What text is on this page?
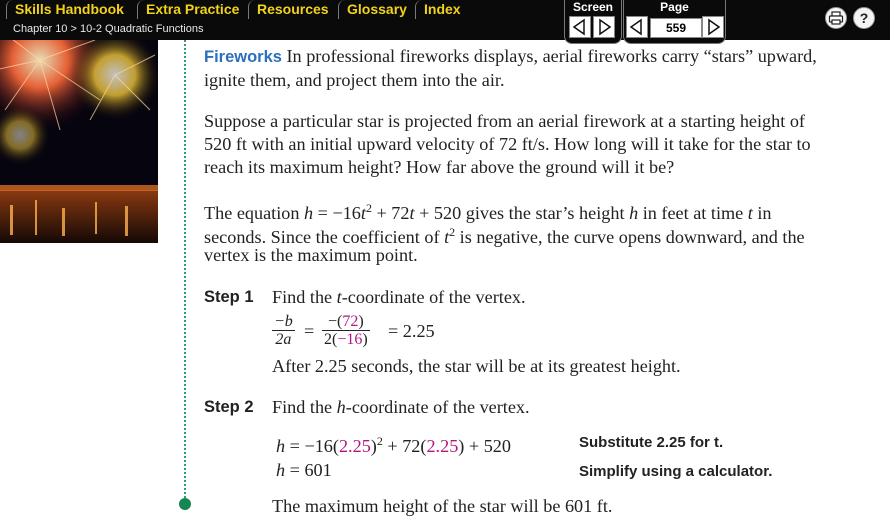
Skills Handbook	Extra Practice	Resources	Glossary	Index
Chapter 10 > 10-2 Quadratic Functions
Screen	Page
559
?
Fireworks In professional fireworks displays, aerial fireworks carry “stars” upward,
ignite them, and project them into the air.
Suppose a particular star is projected from an aerial firework at a starting height of
520 ft with an initial upward velocity of 72 ft/s. How long will it take for the star to
reach its maximum height? How far above the ground will it be?
The equation $h = -16t^2 + 72t + 520$ gives the star’s height h in feet at time t in
seconds. Since the coefficient of $t^2$ is negative, the curve opens downward, and the
vertex is the maximum point.
Step 1 Find the t-coordinate of the vertex.
$\frac{-b}{2a} = \frac{-(72)}{2(-16)} = 2.25$
After 2.25 seconds, the star will be at its greatest height.
Step 2 Find the h-coordinate of the vertex.
$h = -16(2.25)^2 + 72(2.25) + 520$	Substitute 2.25 for t.
h = 601	Simplify using a calculator.
The maximum height of the star will be 601 ft.
